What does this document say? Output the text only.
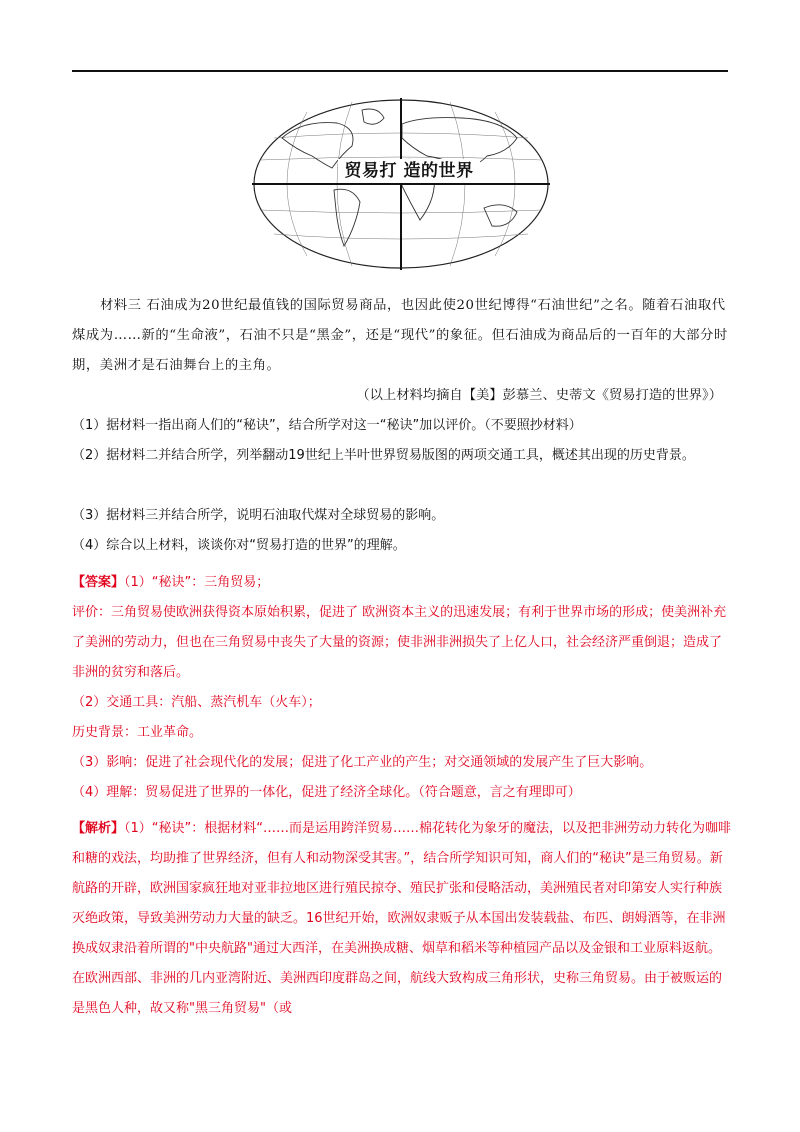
贸易打 造的世界

材料三 石油成为20世纪最值钱的国际贸易商品，也因此使20世纪博得“石油世纪”之名。随着石油取代煤成为……新的“生命液”，石油不只是“黑金”，还是“现代”的象征。但石油成为商品后的一百年的大部分时期，美洲才是石油舞台上的主角。

（以上材料均摘自【美】彭慕兰、史蒂文《贸易打造的世界》）

（1）据材料一指出商人们的“秘诀”，结合所学对这一“秘诀”加以评价。（不要照抄材料）

（2）据材料二并结合所学，列举翻动19世纪上半叶世界贸易版图的两项交通工具，概述其出现的历史背景。

（3）据材料三并结合所学，说明石油取代煤对全球贸易的影响。

（4）综合以上材料，谈谈你对“贸易打造的世界”的理解。

【答案】（1）“秘诀”：三角贸易；

评价：三角贸易使欧洲获得资本原始积累，促进了 欧洲资本主义的迅速发展；有利于世界市场的形成；使美洲补充了美洲的劳动力，但也在三角贸易中丧失了大量的资源；使非洲非洲损失了上亿人口，社会经济严重倒退；造成了非洲的贫穷和落后。

（2）交通工具：汽船、蒸汽机车（火车）；

历史背景：工业革命。

（3）影响：促进了社会现代化的发展；促进了化工产业的产生；对交通领域的发展产生了巨大影响。

（4）理解：贸易促进了世界的一体化，促进了经济全球化。（符合题意，言之有理即可）

【解析】（1）“秘诀”：根据材料“……而是运用跨洋贸易……棉花转化为象牙的魔法，以及把非洲劳动力转化为咖啡和糖的戏法，均助推了世界经济，但有人和动物深受其害。”，结合所学知识可知，商人们的“秘诀”是三角贸易。新航路的开辟，欧洲国家疯狂地对亚非拉地区进行殖民掠夺、殖民扩张和侵略活动，美洲殖民者对印第安人实行种族灭绝政策，导致美洲劳动力大量的缺乏。16世纪开始，欧洲奴隶贩子从本国出发装载盐、布匹、朗姆酒等，在非洲换成奴隶沿着所谓的"中央航路"通过大西洋，在美洲换成糖、烟草和稻米等种植园产品以及金银和工业原料返航。在欧洲西部、非洲的几内亚湾附近、美洲西印度群岛之间，航线大致构成三角形状，史称三角贸易。由于被贩运的是黑色人种，故又称"黑三角贸易"（或
